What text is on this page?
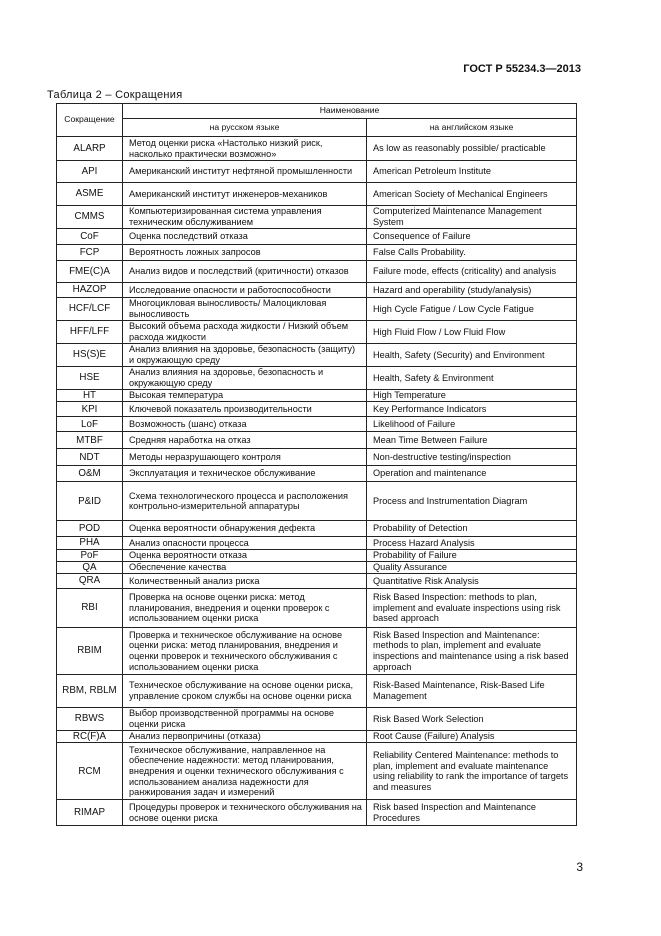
ГОСТ Р 55234.3—2013
Таблица 2 – Сокращения
Сокращение	Наименование	
	на русском языке	на английском языке
ALARP	Метод оценки риска «Настолько низкий риск, насколько практически возможно»	As low as reasonably possible/ practicable
API	Американский институт нефтяной промышленности	American Petroleum Institute
ASME	Американский институт инженеров-механиков	American Society of Mechanical Engineers
CMMS	Компьютеризированная система управления техническим обслуживанием	Computerized Maintenance Management System
CoF	Оценка последствий отказа	Consequence of Failure
FCP	Вероятность ложных запросов	False Calls Probability.
FME(C)A	Анализ видов и последствий (критичности) отказов	Failure mode, effects (criticality) and analysis
HAZOP	Исследование опасности и работоспособности	Hazard and operability (study/analysis)
HCF/LCF	Многоцикловая выносливость/ Малоцикловая выносливость	High Cycle Fatigue / Low Cycle Fatigue
HFF/LFF	Высокий объема расхода жидкости / Низкий объем расхода жидкости	High Fluid Flow / Low Fluid Flow
HS(S)E	Анализ влияния на здоровье, безопасность (защиту) и окружающую среду	Health, Safety (Security) and Environment
HSE	Анализ влияния на здоровье, безопасность и окружающую среду	Health, Safety & Environment
HT	Высокая температура	High Temperature
KPI	Ключевой показатель производительности	Key Performance Indicators
LoF	Возможность (шанс) отказа	Likelihood of Failure
MTBF	Средняя наработка на отказ	Mean Time Between Failure
NDT	Методы неразрушающего контроля	Non-destructive testing/inspection
O&M	Эксплуатация и техническое обслуживание	Operation and maintenance
P&ID	Схема технологического процесса и расположения контрольно-измерительной аппаратуры	Process and Instrumentation Diagram
POD	Оценка вероятности обнаружения дефекта	Probability of Detection
PHA	Анализ опасности процесса	Process Hazard Analysis
PoF	Оценка вероятности отказа	Probability of Failure
QA	Обеспечение качества	Quality Assurance
QRA	Количественный анализ риска	Quantitative Risk Analysis
RBI	Проверка на основе оценки риска: метод планирования, внедрения и оценки проверок с использованием оценки риска	Risk Based Inspection: methods to plan, implement and evaluate inspections using risk based approach
RBIM	Проверка и техническое обслуживание на основе оценки риска: метод планирования, внедрения и оценки проверок и технического обслуживания с использованием оценки риска	Risk Based Inspection and Maintenance: methods to plan, implement and evaluate inspections and maintenance using a risk based approach
RBM, RBLM	Техническое обслуживание на основе оценки риска, управление сроком службы на основе оценки риска	Risk-Based Maintenance, Risk-Based Life Management
RBWS	Выбор производственной программы на основе оценки риска	Risk Based Work Selection
RC(F)A	Анализ первопричины (отказа)	Root Cause (Failure) Analysis
RCM	Техническое обслуживание, направленное на обеспечение надежности: метод планирования, внедрения и оценки технического обслуживания с использованием анализа надежности для ранжирования задач и измерений	Reliability Centered Maintenance: methods to plan, implement and evaluate maintenance using reliability to rank the importance of targets and measures
RIMAP	Процедуры проверок и технического обслуживания на основе оценки риска	Risk based Inspection and Maintenance Procedures
3
